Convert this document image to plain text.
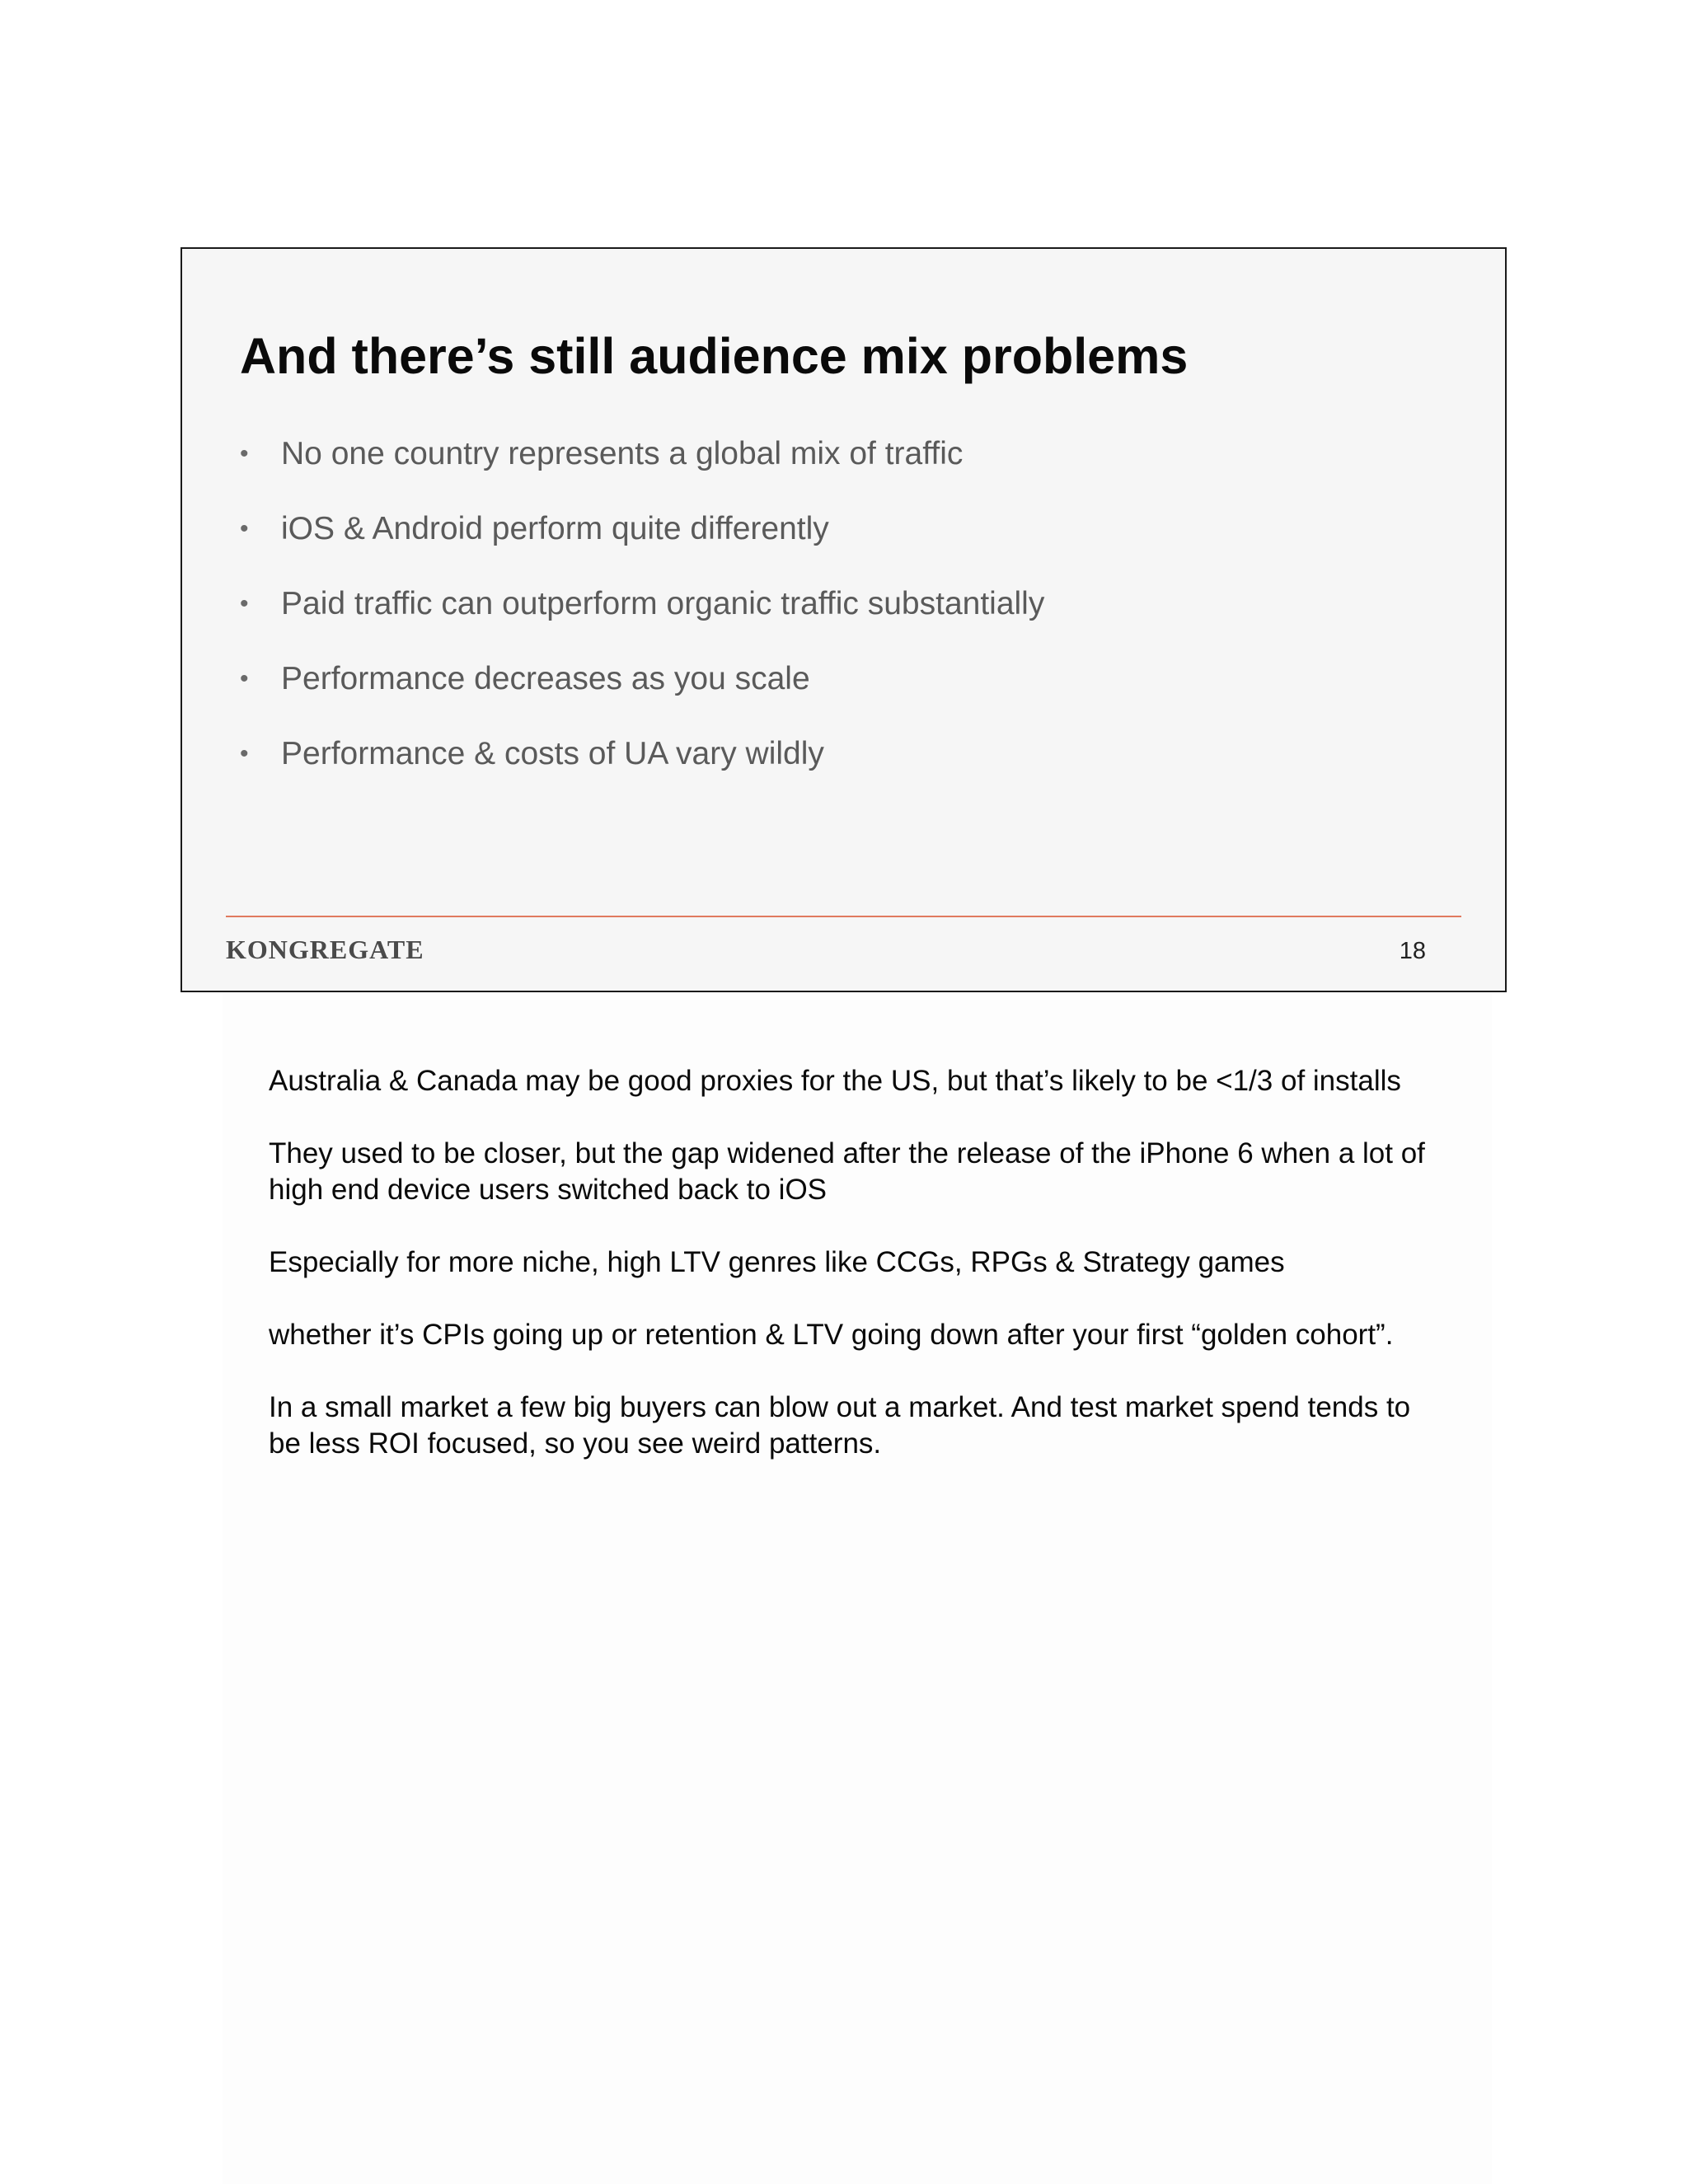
And there’s still audience mix problems
• No one country represents a global mix of traffic
• iOS & Android perform quite differently
• Paid traffic can outperform organic traffic substantially
• Performance decreases as you scale
• Performance & costs of UA vary wildly
KONGREGATE	18

Australia & Canada may be good proxies for the US, but that’s likely to be <1/3 of installs

They used to be closer, but the gap widened after the release of the iPhone 6 when a lot of high end device users switched back to iOS

Especially for more niche, high LTV genres like CCGs, RPGs & Strategy games

whether it’s CPIs going up or retention & LTV going down after your first “golden cohort”.

In a small market a few big buyers can blow out a market. And test market spend tends to be less ROI focused, so you see weird patterns.
